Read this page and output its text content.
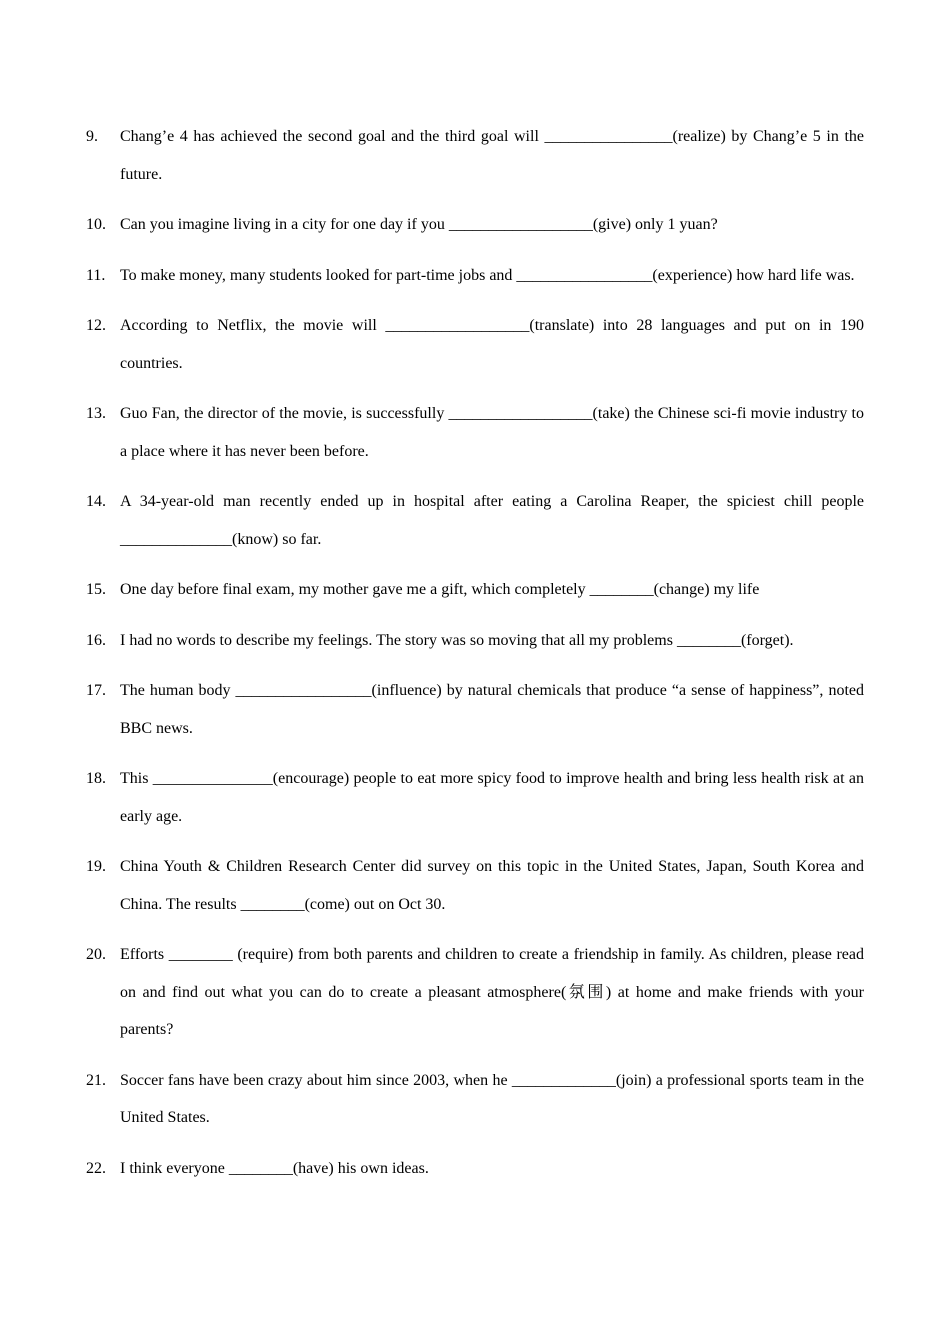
9.	Chang’e 4 has achieved the second goal and the third goal will ________________(realize) by Chang’e 5 in the future.
10. Can you imagine living in a city for one day if you __________________(give) only 1 yuan?
11. To make money, many students looked for part-time jobs and _________________(experience) how hard life was.
12. According to Netflix, the movie will __________________(translate) into 28 languages and put on in 190 countries.
13. Guo Fan, the director of the movie, is successfully __________________(take) the Chinese sci-fi movie industry to a place where it has never been before.
14. A 34-year-old man recently ended up in hospital after eating a Carolina Reaper, the spiciest chill people ______________(know) so far.
15. One day before final exam, my mother gave me a gift, which completely ________(change) my life
16. I had no words to describe my feelings. The story was so moving that all my problems ________(forget).
17. The human body _________________(influence) by natural chemicals that produce “a sense of happiness”, noted BBC news.
18. This _______________(encourage) people to eat more spicy food to improve health and bring less health risk at an early age.
19. China Youth & Children Research Center did survey on this topic in the United States, Japan, South Korea and China. The results ________(come) out on Oct 30.
20. Efforts ________ (require) from both parents and children to create a friendship in family. As children, please read on and find out what you can do to create a pleasant atmosphere(氛围) at home and make friends with your parents?
21. Soccer fans have been crazy about him since 2003, when he _____________(join) a professional sports team in the United States.
22. I think everyone ________(have) his own ideas.
